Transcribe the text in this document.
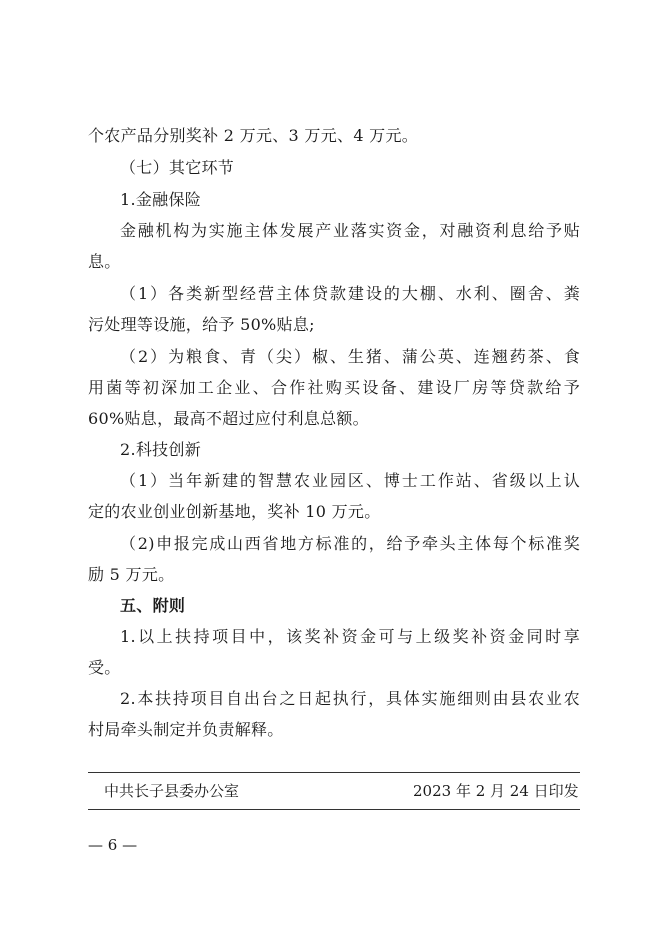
个农产品分别奖补 2 万元、3 万元、4 万元。
（七）其它环节
1.金融保险
金融机构为实施主体发展产业落实资金，对融资利息给予贴
息。
（1）各类新型经营主体贷款建设的大棚、水利、圈舍、粪
污处理等设施，给予 50%贴息;
（2）为粮食、青（尖）椒、生猪、蒲公英、连翘药茶、食
用菌等初深加工企业、合作社购买设备、建设厂房等贷款给予
60%贴息，最高不超过应付利息总额。
2.科技创新
（1）当年新建的智慧农业园区、博士工作站、省级以上认
定的农业创业创新基地，奖补 10 万元。
（2)申报完成山西省地方标准的，给予牵头主体每个标准奖
励 5 万元。
五、附则
1.以上扶持项目中，该奖补资金可与上级奖补资金同时享
受。
2.本扶持项目自出台之日起执行，具体实施细则由县农业农
村局牵头制定并负责解释。
中共长子县委办公室	2023 年 2 月 24 日印发
— 6 —
